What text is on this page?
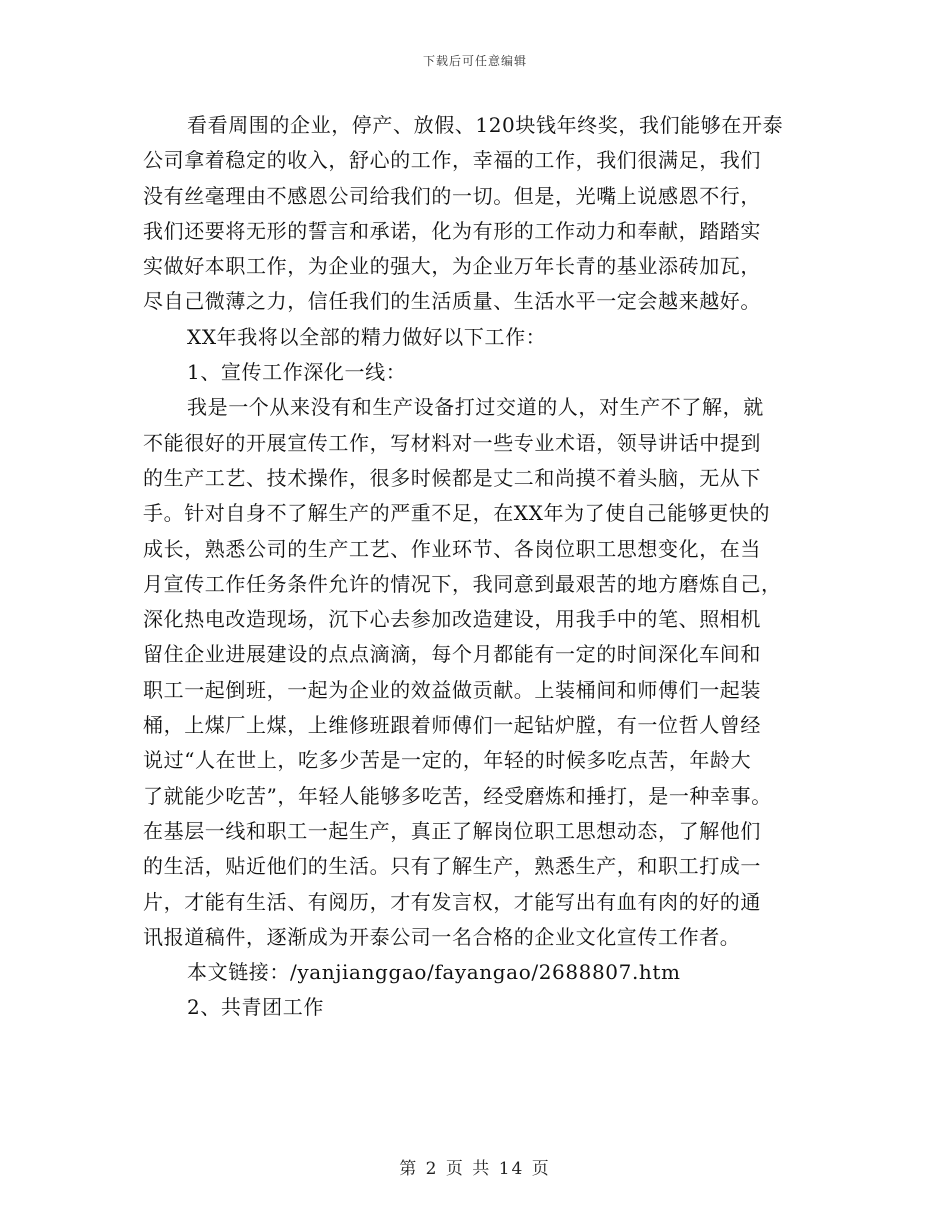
下载后可任意编辑
看看周围的企业，停产、放假、120块钱年终奖，我们能够在开泰
公司拿着稳定的收入，舒心的工作，幸福的工作，我们很满足，我们
没有丝毫理由不感恩公司给我们的一切。但是，光嘴上说感恩不行，
我们还要将无形的誓言和承诺，化为有形的工作动力和奉献，踏踏实
实做好本职工作，为企业的强大，为企业万年长青的基业添砖加瓦，
尽自己微薄之力，信任我们的生活质量、生活水平一定会越来越好。
XX年我将以全部的精力做好以下工作：
1、宣传工作深化一线：
我是一个从来没有和生产设备打过交道的人，对生产不了解，就
不能很好的开展宣传工作，写材料对一些专业术语，领导讲话中提到
的生产工艺、技术操作，很多时候都是丈二和尚摸不着头脑，无从下
手。针对自身不了解生产的严重不足，在XX年为了使自己能够更快的
成长，熟悉公司的生产工艺、作业环节、各岗位职工思想变化，在当
月宣传工作任务条件允许的情况下，我同意到最艰苦的地方磨炼自己，
深化热电改造现场，沉下心去参加改造建设，用我手中的笔、照相机
留住企业进展建设的点点滴滴，每个月都能有一定的时间深化车间和
职工一起倒班，一起为企业的效益做贡献。上装桶间和师傅们一起装
桶，上煤厂上煤，上维修班跟着师傅们一起钻炉膛，有一位哲人曾经
说过“人在世上，吃多少苦是一定的，年轻的时候多吃点苦，年龄大
了就能少吃苦”，年轻人能够多吃苦，经受磨炼和捶打，是一种幸事。
在基层一线和职工一起生产，真正了解岗位职工思想动态，了解他们
的生活，贴近他们的生活。只有了解生产，熟悉生产，和职工打成一
片，才能有生活、有阅历，才有发言权，才能写出有血有肉的好的通
讯报道稿件，逐渐成为开泰公司一名合格的企业文化宣传工作者。
本文链接：/yanjianggao/fayangao/2688807.htm
2、共青团工作
第 2 页 共 14 页
